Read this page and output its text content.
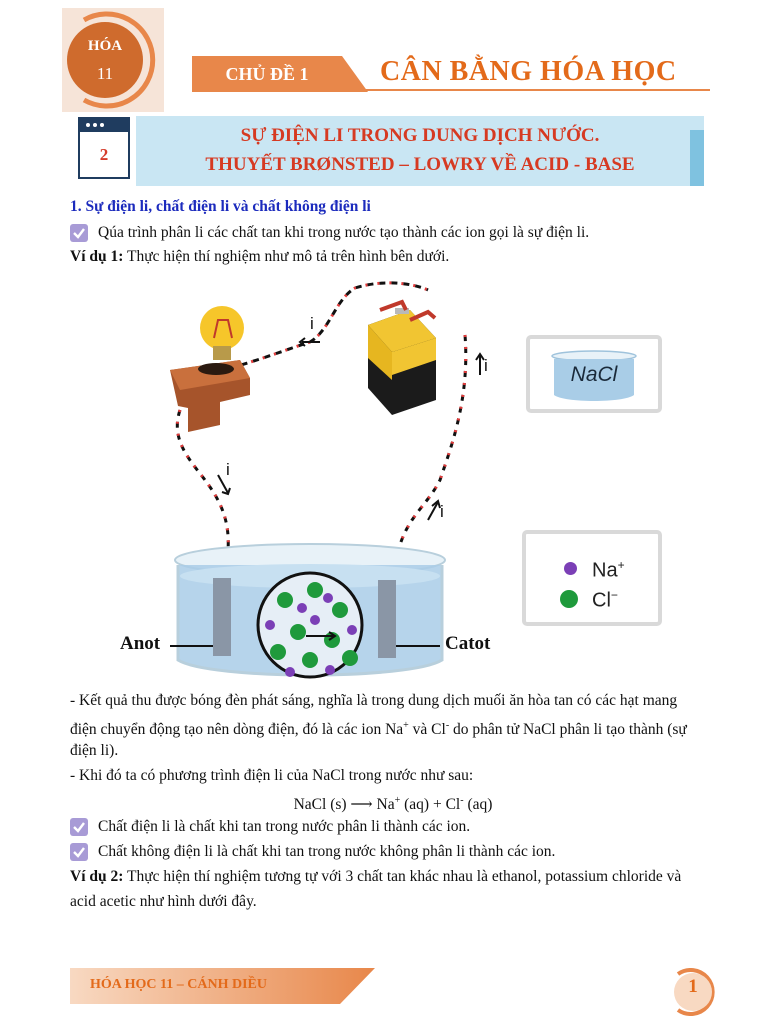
HÓA
11	CHỦ ĐỀ 1	CÂN BẰNG HÓA HỌC
SỰ ĐIỆN LI TRONG DUNG DỊCH NƯỚC.
THUYẾT BRØNSTED – LOWRY VỀ ACID - BASE
2
1. Sự điện li, chất điện li và chất không điện li
Qúa trình phân li các chất tan khi trong nước tạo thành các ion gọi là sự điện li.
Ví dụ 1: Thực hiện thí nghiệm như mô tả trên hình bên dưới.
i
i
i
i
Anot	Catot
NaCl
Na+
Cl−
- Kết quả thu được bóng đèn phát sáng, nghĩa là trong dung dịch muối ăn hòa tan có các hạt mang
điện chuyển động tạo nên dòng điện, đó là các ion Na+ và Cl- do phân tử NaCl phân li tạo thành (sự
điện li).
- Khi đó ta có phương trình điện li của NaCl trong nước như sau:
NaCl (s) ⟶ Na+ (aq) + Cl- (aq)
Chất điện li là chất khi tan trong nước phân li thành các ion.
Chất không điện li là chất khi tan trong nước không phân li thành các ion.
Ví dụ 2: Thực hiện thí nghiệm tương tự với 3 chất tan khác nhau là ethanol, potassium chloride và
acid acetic như hình dưới đây.
HÓA HỌC 11 – CÁNH DIỀU	1
